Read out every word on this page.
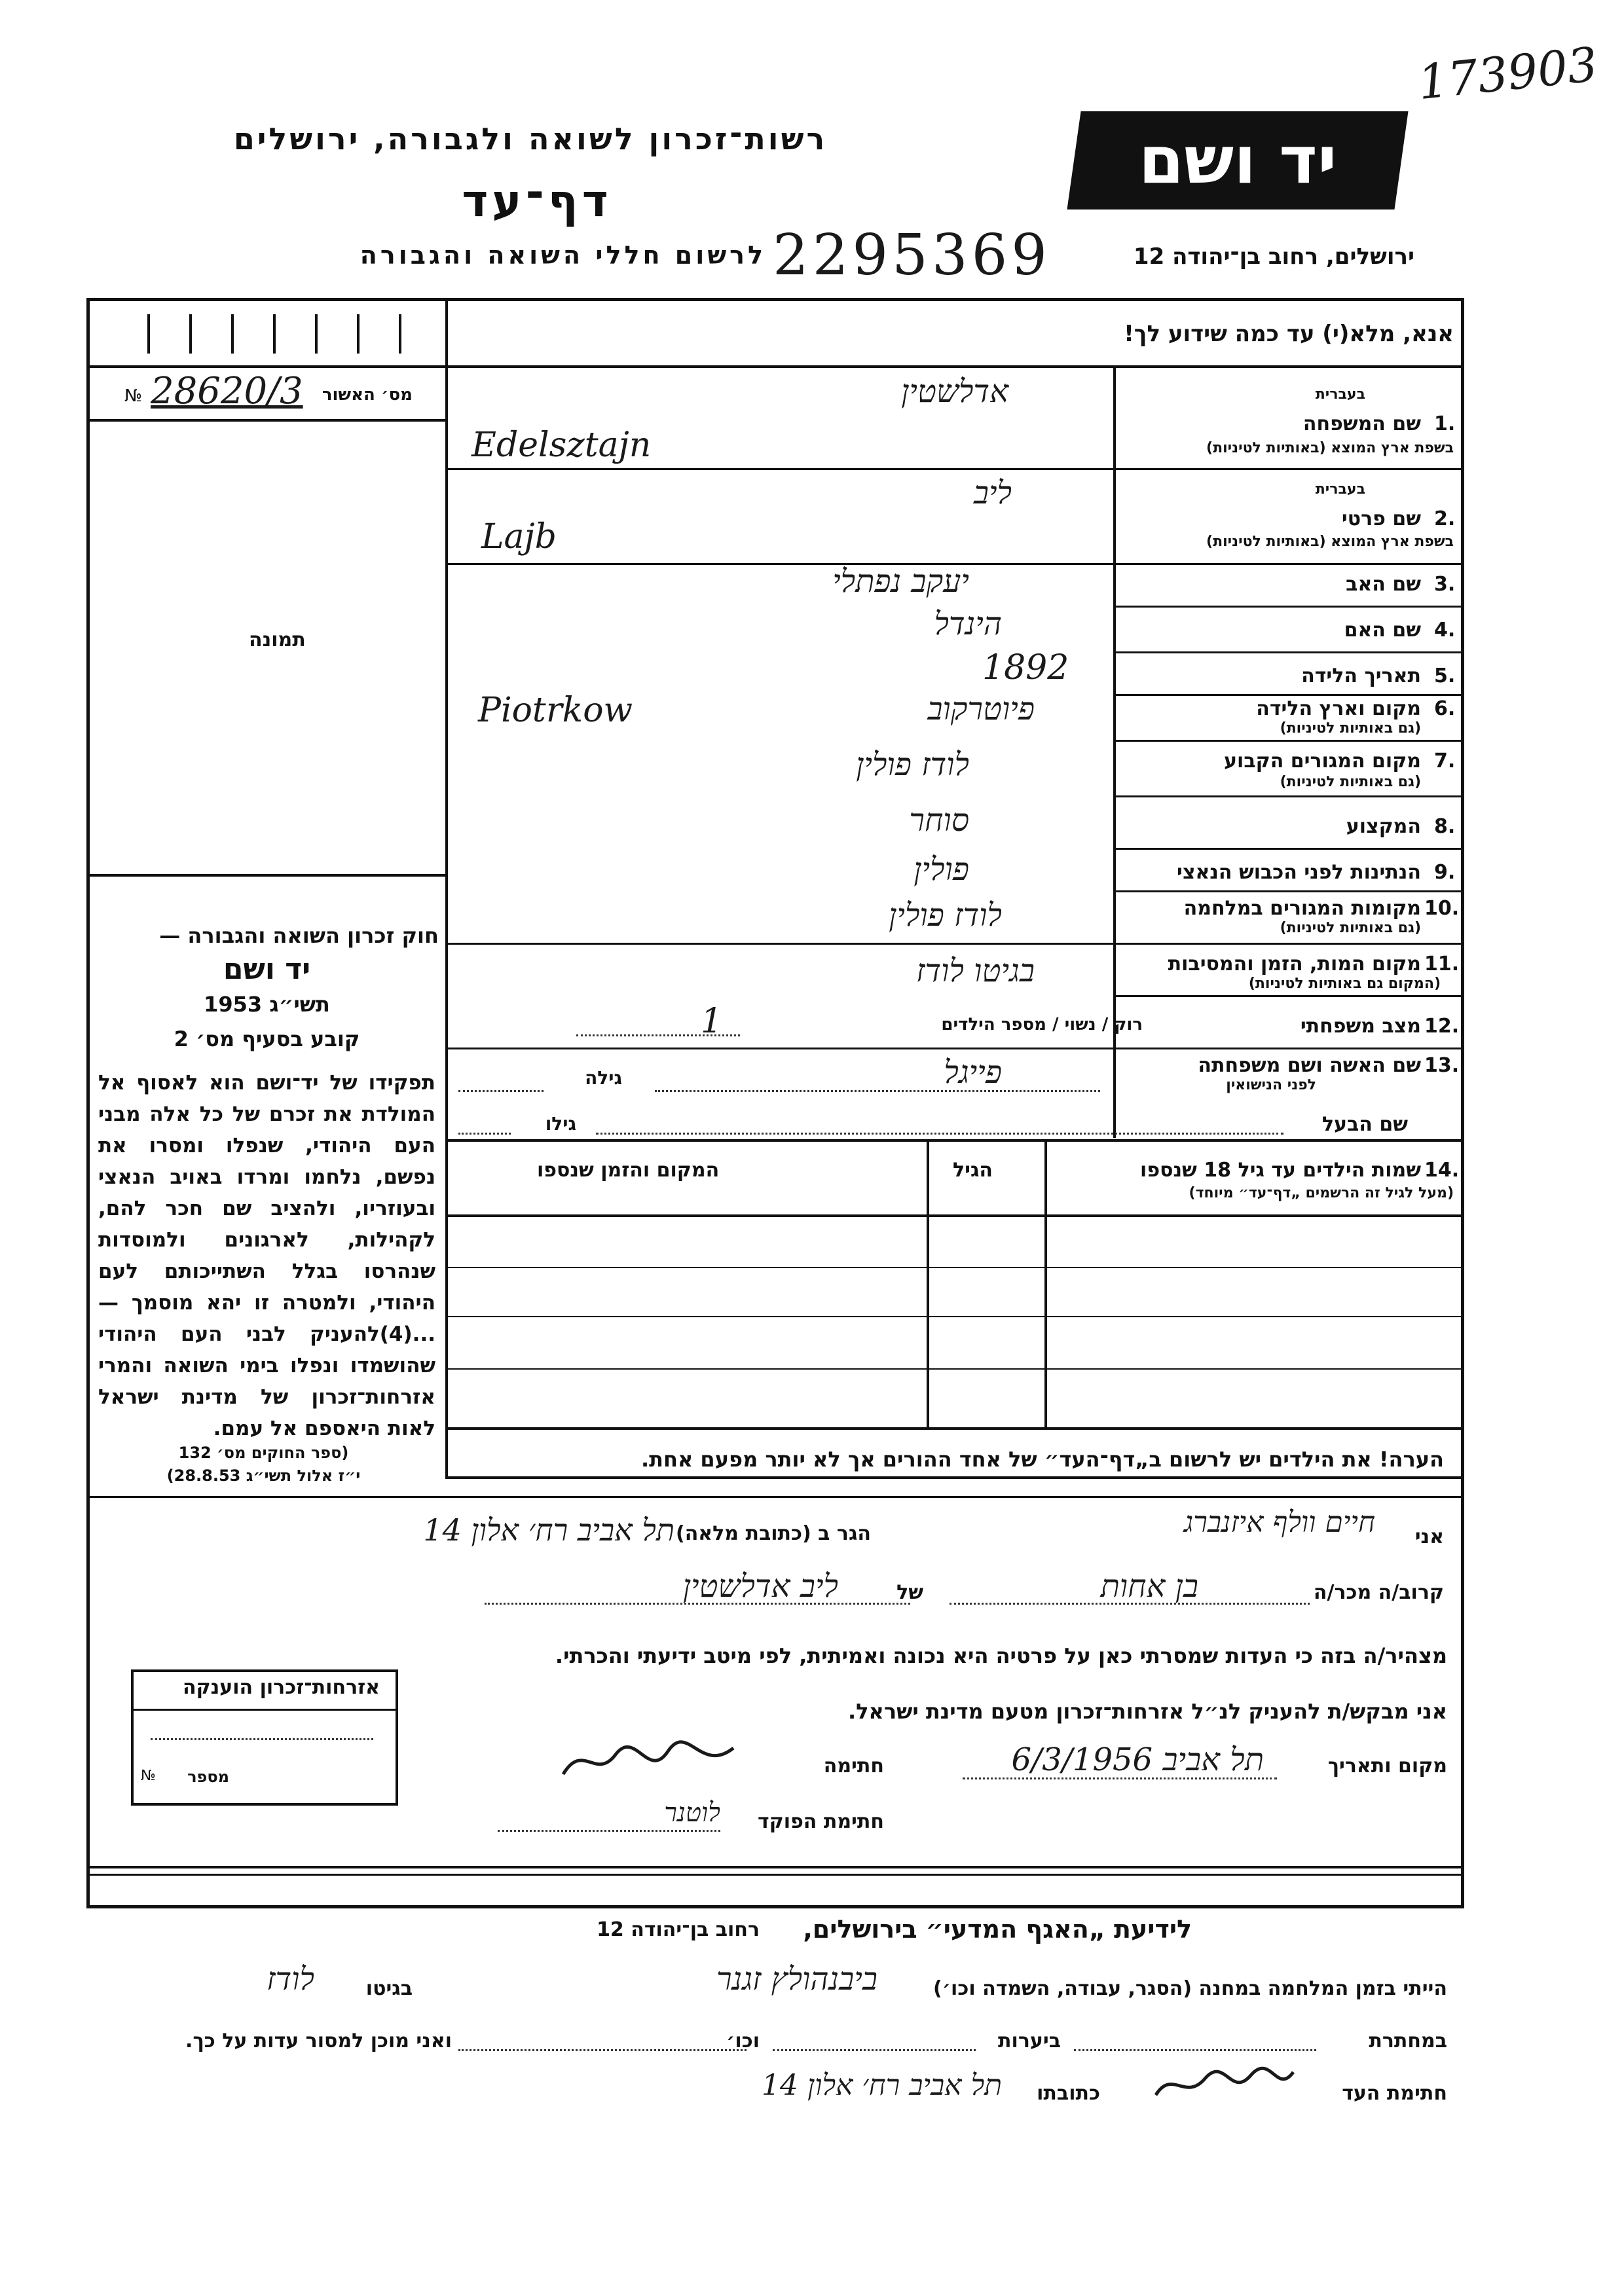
173903
רשות־זכרון לשואה ולגבורה, ירושלים	יד ושם
דף־עד
לרשום חללי השואה והגבורה 2295369	ירושלים, רחוב בן־יהודה 12
אנא, מלא(י) עד כמה שידוע לך!
מס׳ האשור
28620/3
№
תמונה
בעברית
1.
שם המשפחה
בשפת ארץ המוצא (באותיות לטיניות)
אדלשטין
Edelsztajn
בעברית
2.
שם פרטי
בשפת ארץ המוצא (באותיות לטיניות)
ליב
Lajb
3.
שם האב
יעקב נפתלי
4.
שם האם
הינדל
5.
תאריך הלידה
1892
6.
מקום וארץ הלידה
(גם באותיות לטיניות)
פיוטרקוב
Piotrkow
7.
מקום המגורים הקבוע
(גם באותיות לטיניות)
לודז פולין
8.
המקצוע
סוחר
9.
הנתינות לפני הכבוש הנאצי
פולין
10.
מקומות המגורים במלחמה
(גם באותיות לטיניות)
לודז פולין
11.
מקום המות, הזמן והמסיבות
(המקום גם באותיות לטיניות)
בגיטו לודז
12.
מצב משפחתי
רוק / נשוי / מספר הילדים
1
13.
שם האשה ושם משפחתה
לפני הנישואין
גילה	פייגל
שם הבעל
גילו
14.
שמות הילדים עד גיל 18 שנספו
(מעל לגיל זה הרשמים „דף־עד״ מיוחד)
הגיל
המקום והזמן שנספו
הערה! את הילדים יש לרשום ב„דף־העד״ של אחד ההורים אך לא יותר מפעם אחת.
חוק זכרון השואה והגבורה —
יד ושם
תשי״ג 1953
קובע בסעיף מס׳ 2
תפקידו של יד־ושם הוא לאסוף אל המולדת את זכרם של כל אלה מבני העם היהודי, שנפלו ומסרו את נפשם, נלחמו ומרדו באויב הנאצי ובעוזריו, ולהציב שם חכר להם, לקהילות, לארגונים ולמוסדות שנהרסו בגלל השתייכותם לעם היהודי, ולמטרה זו יהא מוסמך — ...(4)להעניק לבני העם היהודי שהושמדו ונפלו בימי השואה והמרי אזרחות־זכרון של מדינת ישראל לאות היאספם אל עמם.
(ספר החוקים מס׳ 132
י״ז אלול תשי״ג 28.8.53)
אני
חיים וולף איזנברג
הגר ב (כתובת מלאה)
תל אביב רח׳ אלון 14
קרוב/ה מכר/ה
בן אחות
של
ליב אדלשטין
מצהיר/ה בזה כי העדות שמסרתי כאן על פרטיה היא נכונה ואמיתית, לפי מיטב ידיעתי והכרתי.
אני מבקש/ת להעניק לנ״ל אזרחות־זכרון מטעם מדינת ישראל.
מקום ותאריך
תל אביב 6/3/1956
חתימה
חתימת הפוקד
לוטנר
אזרחות־זכרון הוענקה
מספר
№
לידיעת „האגף המדעי״ בירושלים,
רחוב בן־יהודה 12
הייתי בזמן המלחמה במחנה (הסגר, עבודה, השמדה וכו׳)
ביבנהולץ זגנר
בגיטו
לודז
במחתרת
ביערות
וכו׳
ואני מוכן למסור עדות על כך.
חתימת העד
כתובתו
תל אביב רח׳ אלון 14
